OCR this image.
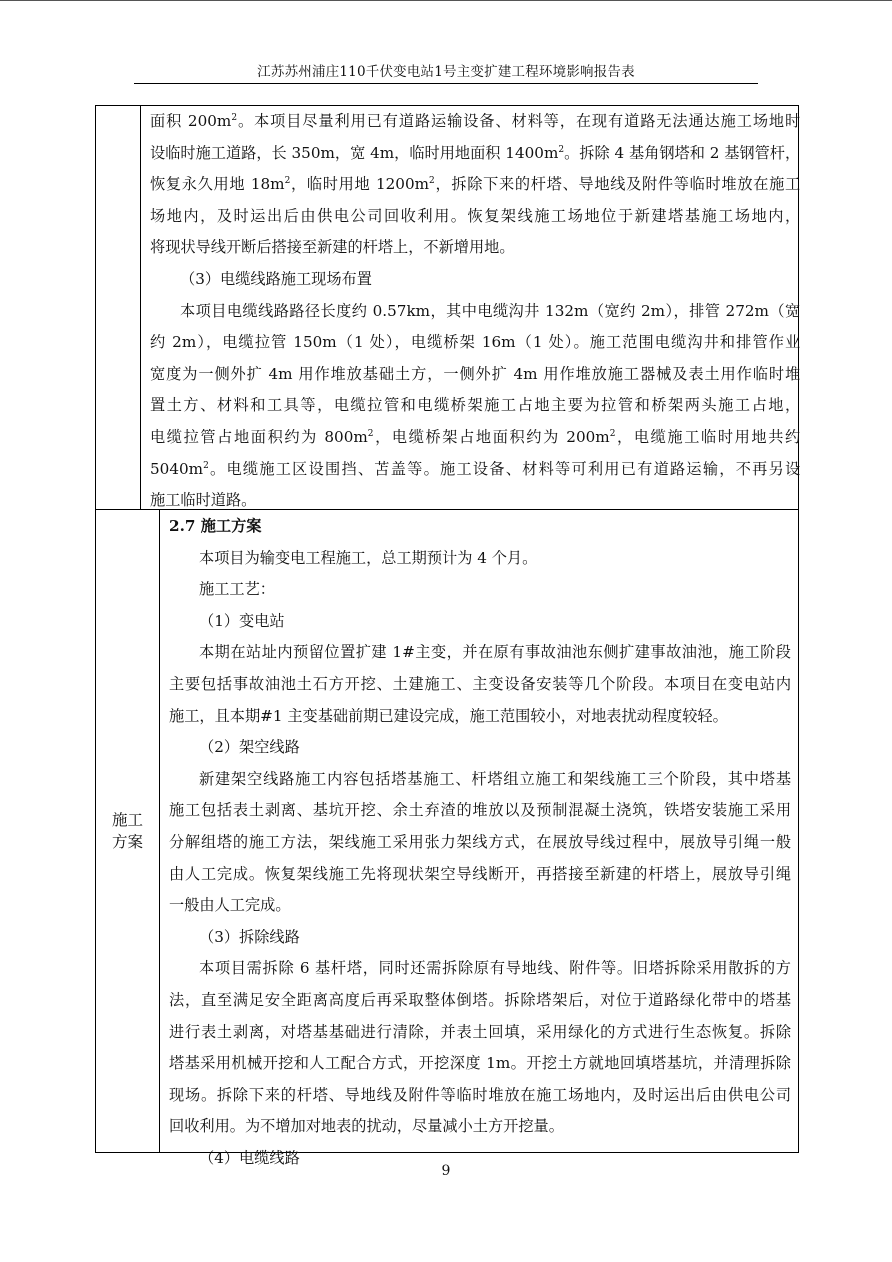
江苏苏州浦庄110千伏变电站1号主变扩建工程环境影响报告表
面积 $200m^2$。本项目尽量利用已有道路运输设备、材料等，在现有道路无法通达施工场地时
设临时施工道路，长 350m，宽 4m，临时用地面积 $1400m^2$。拆除 4 基角钢塔和 2 基钢管杆，
恢复永久用地 $18m^2$，临时用地 $1200m^2$，拆除下来的杆塔、导地线及附件等临时堆放在施工
场地内，及时运出后由供电公司回收利用。恢复架线施工场地位于新建塔基施工场地内，
将现状导线开断后搭接至新建的杆塔上，不新增用地。
（3）电缆线路施工现场布置
本项目电缆线路路径长度约 0.57km，其中电缆沟井 132m（宽约 2m），排管 272m（宽
约 2m），电缆拉管 150m（1 处），电缆桥架 16m（1 处）。施工范围电缆沟井和排管作业
宽度为一侧外扩 4m 用作堆放基础土方，一侧外扩 4m 用作堆放施工器械及表土用作临时堆
置土方、材料和工具等，电缆拉管和电缆桥架施工占地主要为拉管和桥架两头施工占地，
电缆拉管占地面积约为 $800m^2$，电缆桥架占地面积约为 $200m^2$，电缆施工临时用地共约
$5040m^2$。电缆施工区设围挡、苫盖等。施工设备、材料等可利用已有道路运输，不再另设
施工临时道路。
施工方案
2.7 施工方案
本项目为输变电工程施工，总工期预计为 4 个月。
施工工艺：
（1）变电站
本期在站址内预留位置扩建 1#主变，并在原有事故油池东侧扩建事故油池，施工阶段
主要包括事故油池土石方开挖、土建施工、主变设备安装等几个阶段。本项目在变电站内
施工，且本期#1 主变基础前期已建设完成，施工范围较小，对地表扰动程度较轻。
（2）架空线路
新建架空线路施工内容包括塔基施工、杆塔组立施工和架线施工三个阶段，其中塔基
施工包括表土剥离、基坑开挖、余土弃渣的堆放以及预制混凝土浇筑，铁塔安装施工采用
分解组塔的施工方法，架线施工采用张力架线方式，在展放导线过程中，展放导引绳一般
由人工完成。恢复架线施工先将现状架空导线断开，再搭接至新建的杆塔上，展放导引绳
一般由人工完成。
（3）拆除线路
本项目需拆除 6 基杆塔，同时还需拆除原有导地线、附件等。旧塔拆除采用散拆的方
法，直至满足安全距离高度后再采取整体倒塔。拆除塔架后，对位于道路绿化带中的塔基
进行表土剥离，对塔基基础进行清除，并表土回填，采用绿化的方式进行生态恢复。拆除
塔基采用机械开挖和人工配合方式，开挖深度 1m。开挖土方就地回填塔基坑，并清理拆除
现场。拆除下来的杆塔、导地线及附件等临时堆放在施工场地内，及时运出后由供电公司
回收利用。为不增加对地表的扰动，尽量减小土方开挖量。
（4）电缆线路
9
